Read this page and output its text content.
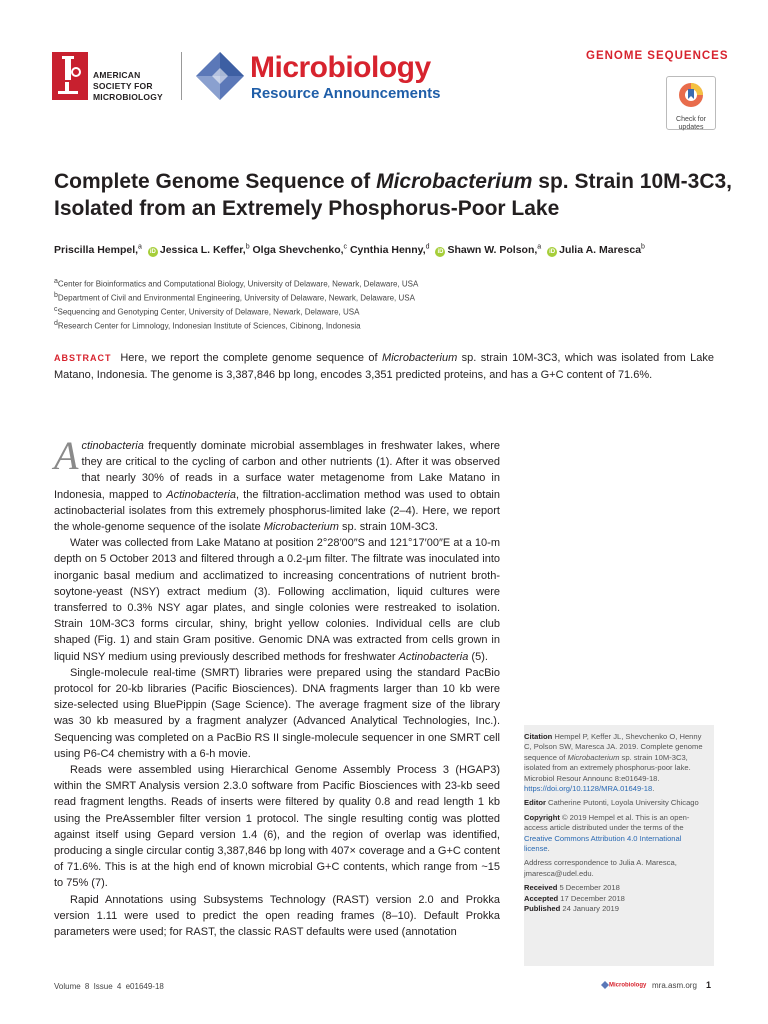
AMERICAN
SOCIETY FOR
MICROBIOLOGY
Microbiology
Resource Announcements
GENOME SEQUENCES
Check for updates
Complete Genome Sequence of Microbacterium sp. Strain 10M-3C3, Isolated from an Extremely Phosphorus-Poor Lake
Priscilla Hempel,$^a$ iD Jessica L. Keffer,$^b$ Olga Shevchenko,$^c$ Cynthia Henny,$^d$ iD Shawn W. Polson,$^a$ iD Julia A. Maresca$^b$
$^a$Center for Bioinformatics and Computational Biology, University of Delaware, Newark, Delaware, USA
$^b$Department of Civil and Environmental Engineering, University of Delaware, Newark, Delaware, USA
$^c$Sequencing and Genotyping Center, University of Delaware, Newark, Delaware, USA
$^d$Research Center for Limnology, Indonesian Institute of Sciences, Cibinong, Indonesia
ABSTRACT Here, we report the complete genome sequence of Microbacterium sp. strain 10M-3C3, which was isolated from Lake Matano, Indonesia. The genome is 3,387,846 bp long, encodes 3,351 predicted proteins, and has a G+C content of 71.6%.

Actinobacteria frequently dominate microbial assemblages in freshwater lakes, where they are critical to the cycling of carbon and other nutrients (1). After it was observed that nearly 30% of reads in a surface water metagenome from Lake Matano in Indonesia, mapped to Actinobacteria, the filtration-acclimation method was used to obtain actinobacterial isolates from this extremely phosphorus-limited lake (2–4). Here, we report the whole-genome sequence of the isolate Microbacterium sp. strain 10M-3C3.

Water was collected from Lake Matano at position 2°28′00″S and 121°17′00″E at a 10-m depth on 5 October 2013 and filtered through a 0.2-μm filter. The filtrate was inoculated into inorganic basal medium and acclimatized to increasing concentrations of nutrient broth-soytone-yeast (NSY) extract medium (3). Following acclimation, liquid cultures were transferred to 0.3% NSY agar plates, and single colonies were restreaked to isolation. Strain 10M-3C3 forms circular, shiny, bright yellow colonies. Individual cells are club shaped (Fig. 1) and stain Gram positive. Genomic DNA was extracted from cells grown in liquid NSY medium using previously described methods for freshwater Actinobacteria (5).

Single-molecule real-time (SMRT) libraries were prepared using the standard PacBio protocol for 20-kb libraries (Pacific Biosciences). DNA fragments larger than 10 kb were size-selected using BluePippin (Sage Science). The average fragment size of the library was 30 kb measured by a fragment analyzer (Advanced Analytical Technologies, Inc.). Sequencing was completed on a PacBio RS II single-molecule sequencer in one SMRT cell using P6-C4 chemistry with a 6-h movie.

Reads were assembled using Hierarchical Genome Assembly Process 3 (HGAP3) within the SMRT Analysis version 2.3.0 software from Pacific Biosciences with 23-kb seed read fragment lengths. Reads of inserts were filtered by quality 0.8 and read length 1 kb using the PreAssembler filter version 1 protocol. The single resulting contig was plotted against itself using Gepard version 1.4 (6), and the region of overlap was identified, producing a single circular contig 3,387,846 bp long with 407× coverage and a G+C content of 71.6%. This is at the high end of known microbial G+C contents, which range from ~15 to 75% (7).

Rapid Annotations using Subsystems Technology (RAST) version 2.0 and Prokka version 1.11 were used to predict the open reading frames (8–10). Default Prokka parameters were used; for RAST, the classic RAST defaults were used (annotation

Citation Hempel P, Keffer JL, Shevchenko O, Henny C, Polson SW, Maresca JA. 2019. Complete genome sequence of Microbacterium sp. strain 10M-3C3, isolated from an extremely phosphorus-poor lake. Microbiol Resour Announc 8:e01649-18. https://doi.org/10.1128/MRA.01649-18.

Editor Catherine Putonti, Loyola University Chicago

Copyright © 2019 Hempel et al. This is an open-access article distributed under the terms of the Creative Commons Attribution 4.0 International license.

Address correspondence to Julia A. Maresca, jmaresca@udel.edu.

Received 5 December 2018
Accepted 17 December 2018
Published 24 January 2019

Volume 8 Issue 4 e01649-18	Microbiology mra.asm.org 1
